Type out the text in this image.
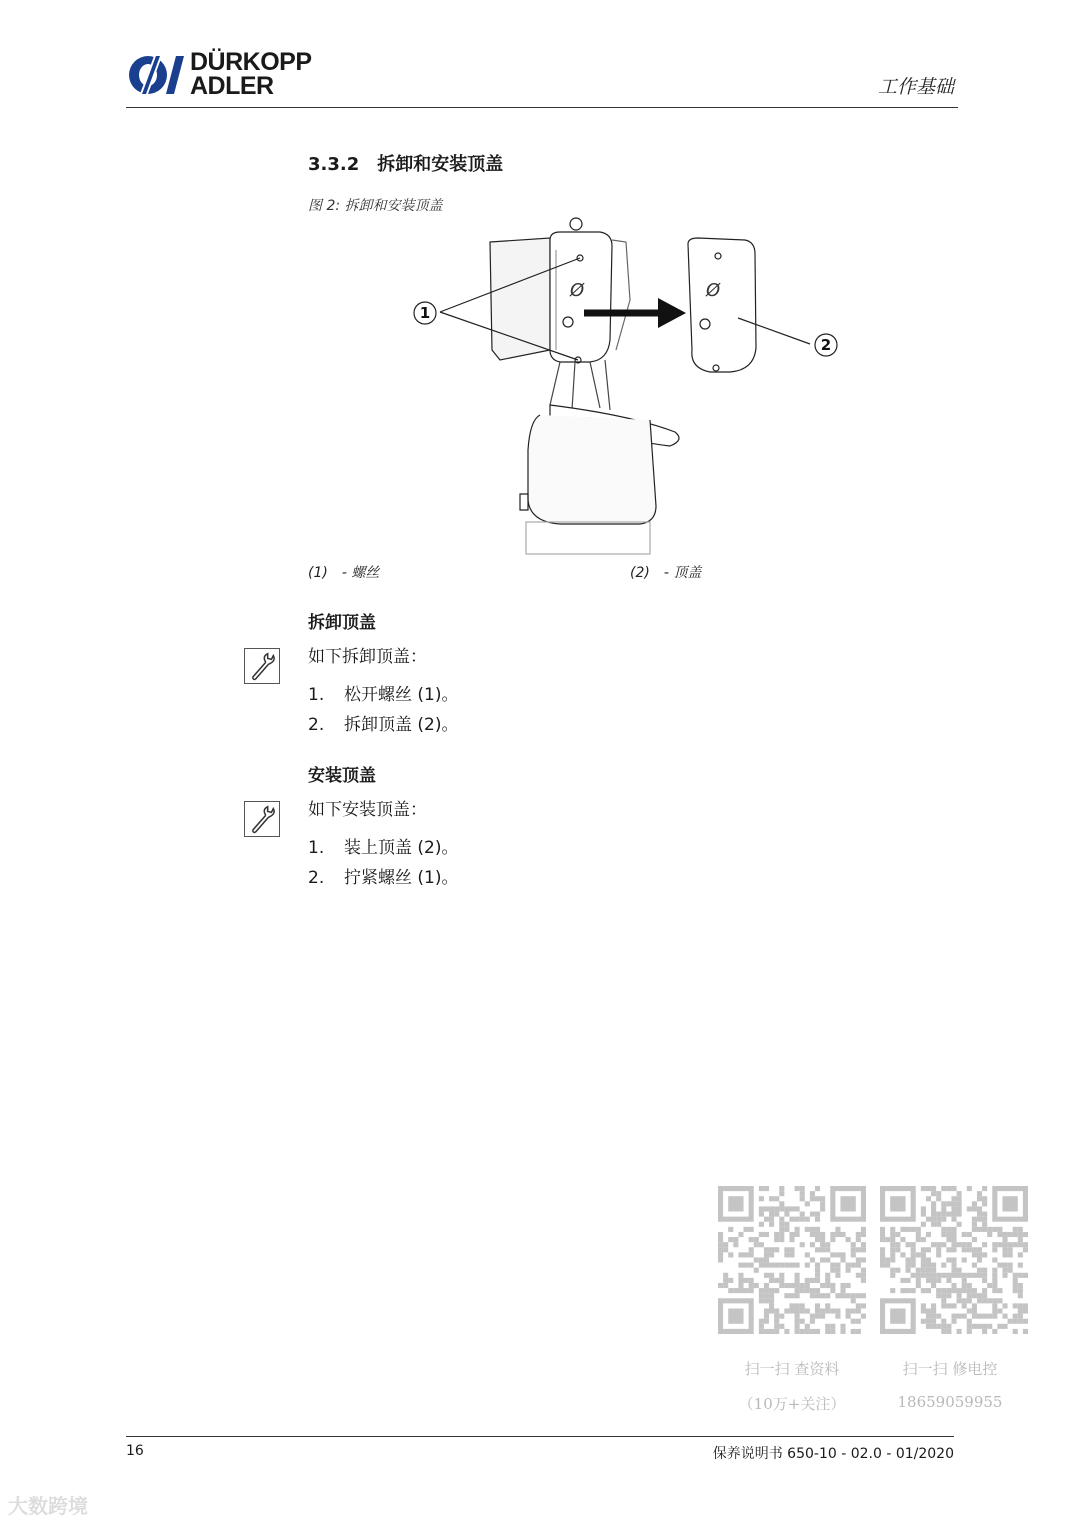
DÜRKOPP
ADLER	工作基础
3.3.2 拆卸和安装顶盖
图 2: 拆卸和安装顶盖
Ø	Ø
1
2
(1) - 螺丝	(2) - 顶盖
拆卸顶盖
如下拆卸顶盖：
1. 松开螺丝 (1)。
2. 拆卸顶盖 (2)。
安装顶盖
如下安装顶盖：
1. 装上顶盖 (2)。
2. 拧紧螺丝 (1)。
扫一扫 查资料
（10万+关注）
扫一扫 修电控
18659059955
16	保养说明书 650-10 - 02.0 - 01/2020
大数跨境
